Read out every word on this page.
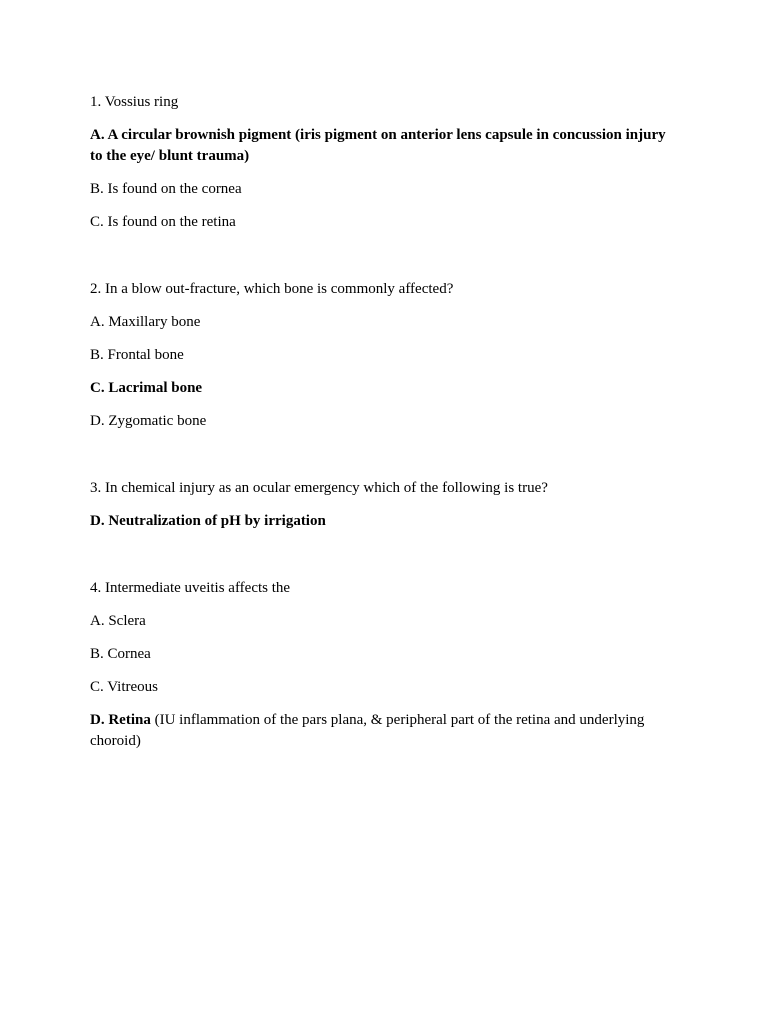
1. Vossius ring

A. A circular brownish pigment (iris pigment on anterior lens capsule in concussion injury to the eye/ blunt trauma)

B. Is found on the cornea

C. Is found on the retina

2. In a blow out-fracture, which bone is commonly affected?

A. Maxillary bone

B. Frontal bone

C. Lacrimal bone

D. Zygomatic bone

3. In chemical injury as an ocular emergency which of the following is true?

D. Neutralization of pH by irrigation

4. Intermediate uveitis affects the

A. Sclera

B. Cornea

C. Vitreous

D. Retina (IU inflammation of the pars plana, & peripheral part of the retina and underlying choroid)
